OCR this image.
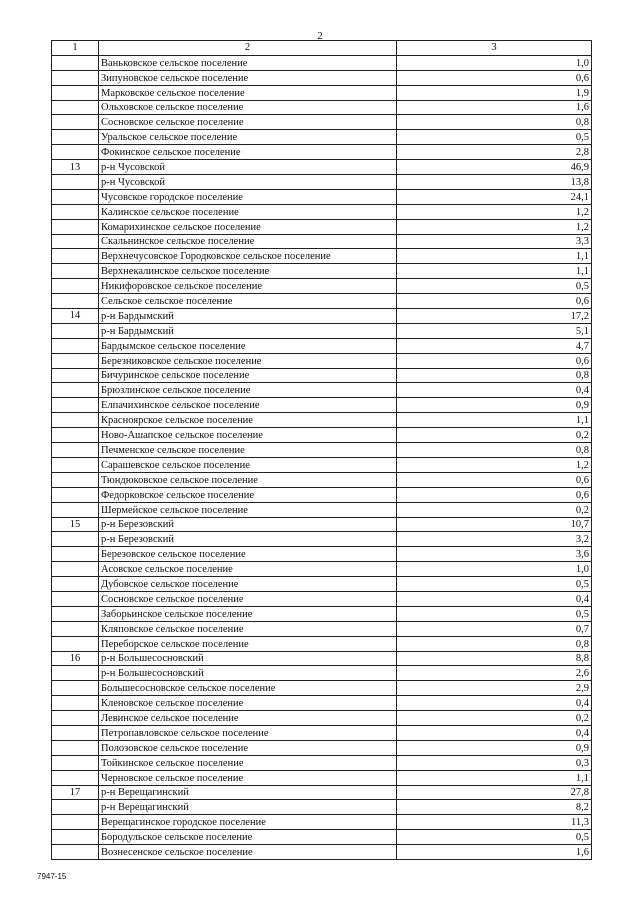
2
1	2	3
	Ваньковское сельское поселение	1,0
	Зипуновское сельское поселение	0,6
	Марковское сельское поселение	1,9
	Ольховское сельское поселение	1,6
	Сосновское сельское поселение	0,8
	Уральское сельское поселение	0,5
	Фокинское сельское поселение	2,8
13	р-н Чусовской	46,9
	р-н Чусовской	13,8
	Чусовское городское поселение	24,1
	Калинское сельское поселение	1,2
	Комарихинское сельское поселение	1,2
	Скальнинское сельское поселение	3,3
	Верхнечусовское Городковское сельское поселение	1,1
	Верхнекалинское сельское поселение	1,1
	Никифоровское сельское поселение	0,5
	Сельское сельское поселение	0,6
14	р-н Бардымский	17,2
	р-н Бардымский	5,1
	Бардымское сельское поселение	4,7
	Березниковское сельское поселение	0,6
	Бичуринское сельское поселение	0,8
	Брюзлинское сельское поселение	0,4
	Елпачихинское сельское поселение	0,9
	Красноярское сельское поселение	1,1
	Ново-Ашапское сельское поселение	0,2
	Печменское сельское поселение	0,8
	Сарашевское сельское поселение	1,2
	Тюндюковское сельское поселение	0,6
	Федорковское сельское поселение	0,6
	Шермейское сельское поселение	0,2
15	р-н Березовский	10,7
	р-н Березовский	3,2
	Березовское сельское поселение	3,6
	Асовское сельское поселение	1,0
	Дубовское сельское поселение	0,5
	Сосновское сельское поселение	0,4
	Заборьинское сельское поселение	0,5
	Кляповское сельское поселение	0,7
	Переборское сельское поселение	0,8
16	р-н Большесосновский	8,8
	р-н Большесосновский	2,6
	Большесосновское сельское поселение	2,9
	Кленовское сельское поселение	0,4
	Левинское сельское поселение	0,2
	Петропавловское сельское поселение	0,4
	Полозовское сельское поселение	0,9
	Тойкинское сельское поселение	0,3
	Черновское сельское поселение	1,1
17	р-н Верещагинский	27,8
	р-н Верещагинский	8,2
	Верещагинское городское поселение	11,3
	Бородульское сельское поселение	0,5
	Вознесенское сельское поселение	1,6
7947-15
